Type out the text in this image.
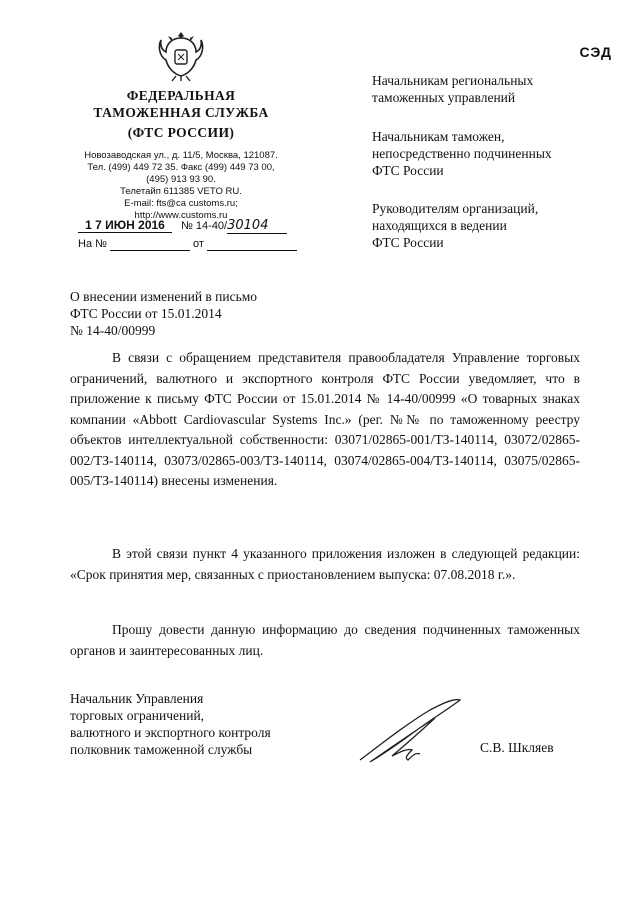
ФЕДЕРАЛЬНАЯ
ТАМОЖЕННАЯ СЛУЖБА
(ФТС РОССИИ)
Новозаводская ул., д. 11/5, Москва, 121087.
Тел. (499) 449 72 35. Факс (499) 449 73 00,
(495) 913 93 90.
Телетайп 611385 VETO RU.
E-mail: fts@ca customs.ru; http://www.customs.ru
1 7 ИЮН 2016 № 14-40/30104
На №	от
СЭД
Начальникам региональных
таможенных управлений
Начальникам таможен,
непосредственно подчиненных
ФТС России
Руководителям организаций,
находящихся в ведении
ФТС России
О внесении изменений в письмо
ФТС России от 15.01.2014
№ 14-40/00999
В связи с обращением представителя правообладателя Управление торговых ограничений, валютного и экспортного контроля ФТС России уведомляет, что в приложение к письму ФТС России от 15.01.2014 № 14-40/00999 «О товарных знаках компании «Abbott Cardiovascular Systems Inc.» (рег. №№ по таможенному реестру объектов интеллектуальной собственности: 03071/02865-001/ТЗ-140114, 03072/02865-002/ТЗ-140114, 03073/02865-003/ТЗ-140114, 03074/02865-004/ТЗ-140114, 03075/02865-005/ТЗ-140114) внесены изменения.
В этой связи пункт 4 указанного приложения изложен в следующей редакции: «Срок принятия мер, связанных с приостановлением выпуска: 07.08.2018 г.».
Прошу довести данную информацию до сведения подчиненных таможенных органов и заинтересованных лиц.
Начальник Управления
торговых ограничений,
валютного и экспортного контроля
полковник таможенной службы	С.В. Шкляев
